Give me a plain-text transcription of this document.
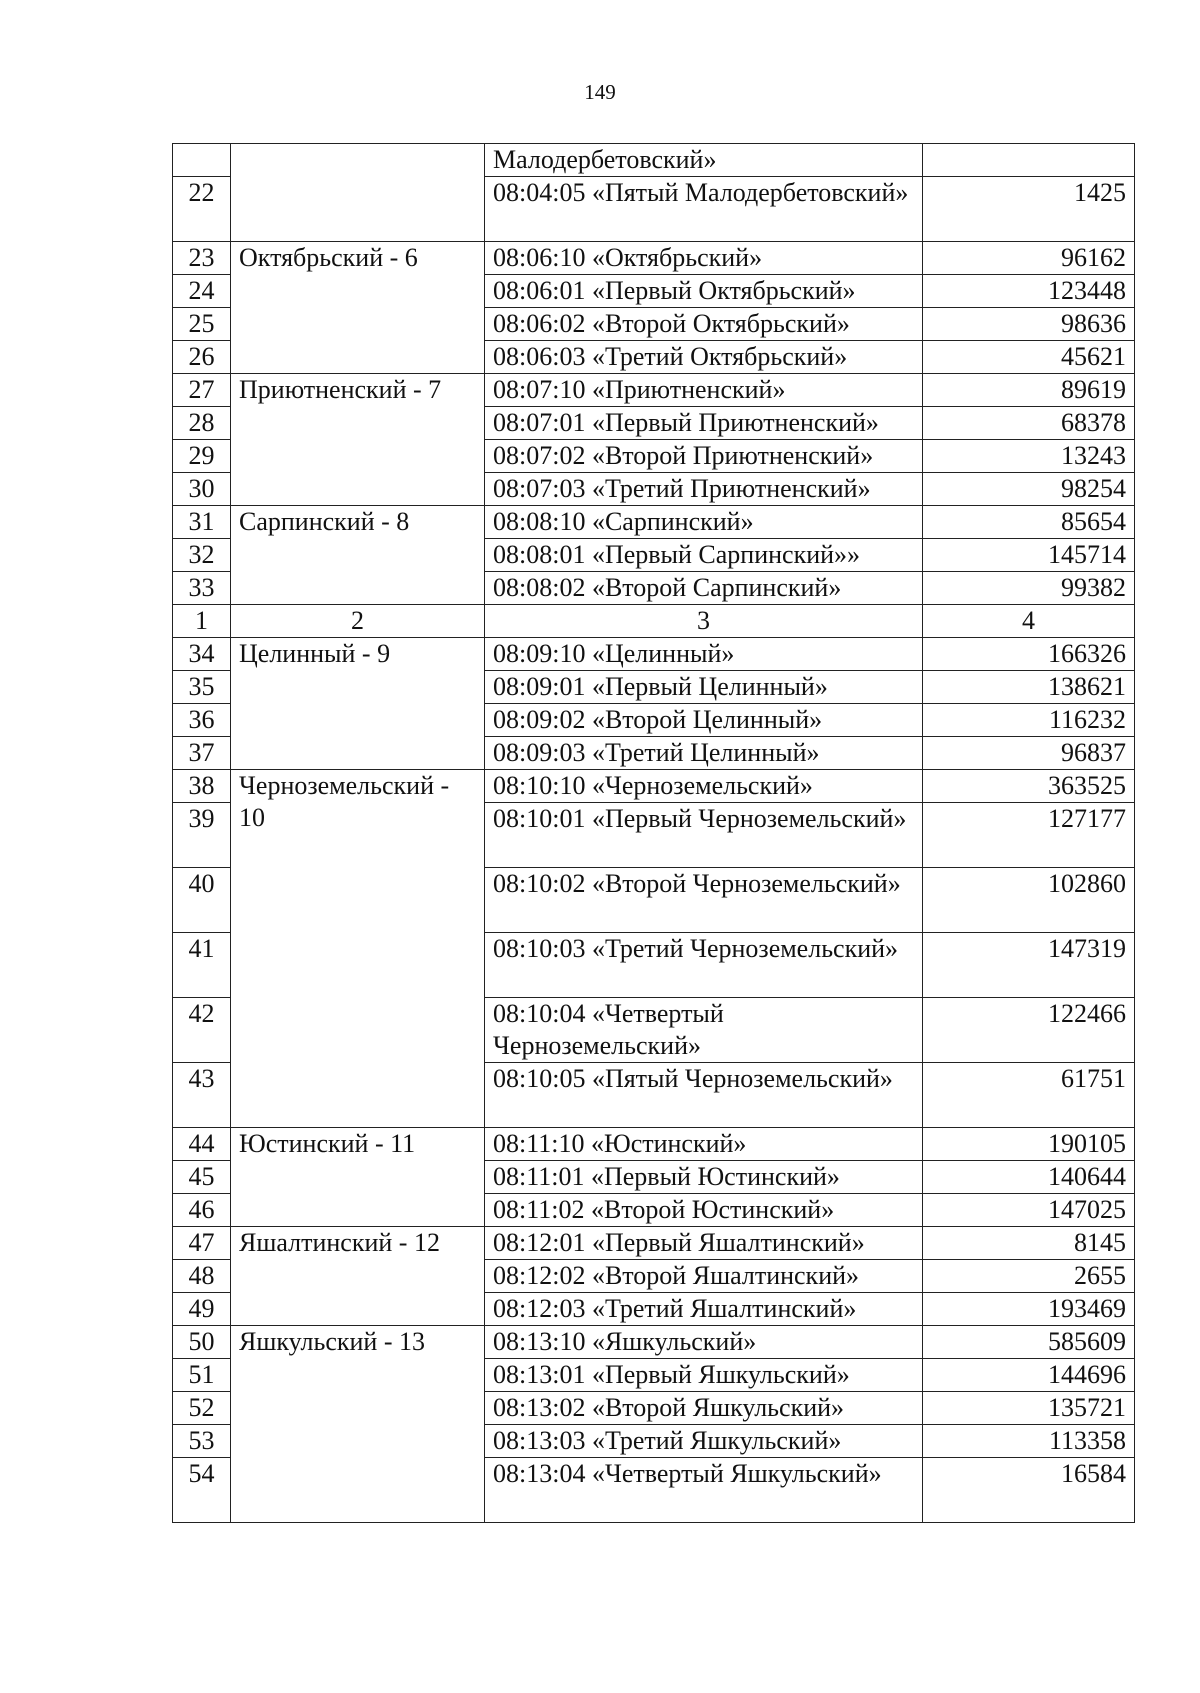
149
		Малодербетовский»	
22		08:04:05 «Пятый Малодербетовский»	1425
23	Октябрьский - 6	08:06:10 «Октябрьский»	96162
24		08:06:01 «Первый Октябрьский»	123448
25		08:06:02 «Второй Октябрьский»	98636
26		08:06:03 «Третий Октябрьский»	45621
27	Приютненский - 7	08:07:10 «Приютненский»	89619
28		08:07:01 «Первый Приютненский»	68378
29		08:07:02 «Второй Приютненский»	13243
30		08:07:03 «Третий Приютненский»	98254
31	Сарпинский - 8	08:08:10 «Сарпинский»	85654
32		08:08:01 «Первый Сарпинский»»	145714
33		08:08:02 «Второй Сарпинский»	99382
1	2	3	4
34	Целинный - 9	08:09:10 «Целинный»	166326
35		08:09:01 «Первый Целинный»	138621
36		08:09:02 «Второй Целинный»	116232
37		08:09:03 «Третий Целинный»	96837
38	Черноземельский - 10	08:10:10 «Черноземельский»	363525
39		08:10:01 «Первый Черноземельский»	127177
40		08:10:02 «Второй Черноземельский»	102860
41		08:10:03 «Третий Черноземельский»	147319
42		08:10:04 «Четвертый Черноземельский»	122466
43		08:10:05 «Пятый Черноземельский»	61751
44	Юстинский - 11	08:11:10 «Юстинский»	190105
45		08:11:01 «Первый Юстинский»	140644
46		08:11:02 «Второй Юстинский»	147025
47	Яшалтинский - 12	08:12:01 «Первый Яшалтинский»	8145
48		08:12:02 «Второй Яшалтинский»	2655
49		08:12:03 «Третий Яшалтинский»	193469
50	Яшкульский - 13	08:13:10 «Яшкульский»	585609
51		08:13:01 «Первый Яшкульский»	144696
52		08:13:02 «Второй Яшкульский»	135721
53		08:13:03 «Третий Яшкульский»	113358
54		08:13:04 «Четвертый Яшкульский»	16584
